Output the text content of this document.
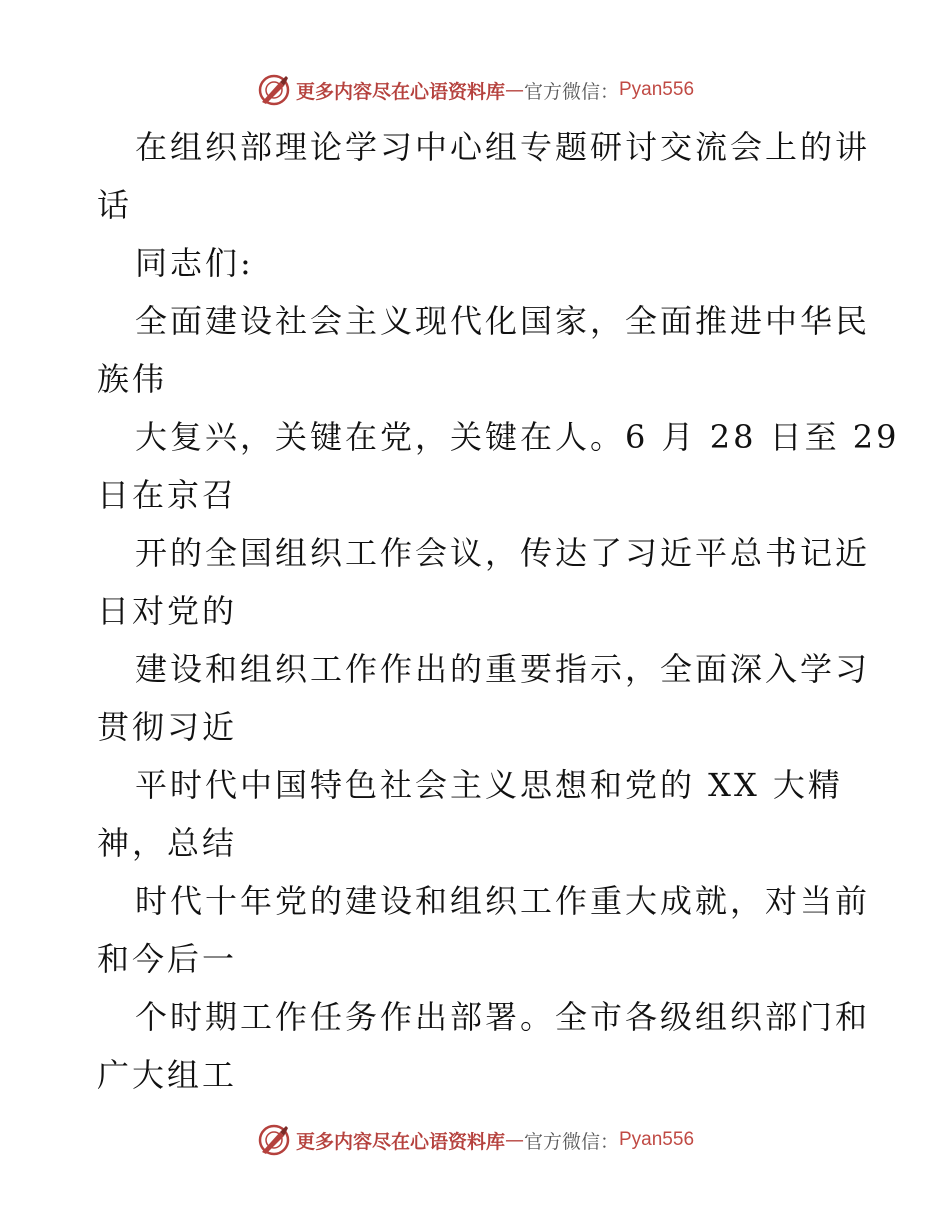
更多内容尽在心语资料库 — 官方微信： Pyan556
在组织部理论学习中心组专题研讨交流会上的讲
话
同志们:
全面建设社会主义现代化国家，全面推进中华民
族伟
大复兴，关键在党，关键在人。6 月 28 日至 29
日在京召
开的全国组织工作会议，传达了习近平总书记近
日对党的
建设和组织工作作出的重要指示，全面深入学习
贯彻习近
平时代中国特色社会主义思想和党的 XX 大精
神，总结
时代十年党的建设和组织工作重大成就，对当前
和今后一
个时期工作任务作出部署。全市各级组织部门和
广大组工
更多内容尽在心语资料库 — 官方微信： Pyan556
